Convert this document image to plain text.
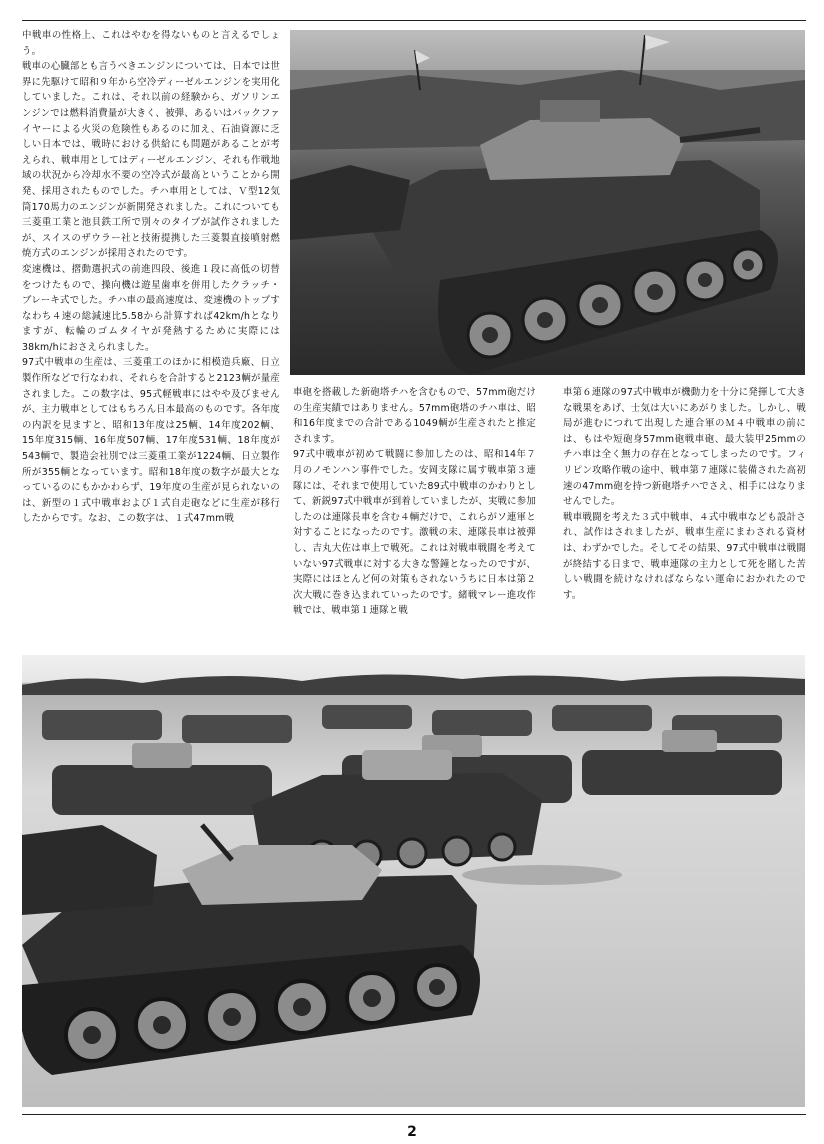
中戦車の性格上、これはやむを得ないものと言えるでしょう。

戦車の心臓部とも言うべきエンジンについては、日本では世界に先駆けて昭和９年から空冷ディーゼルエンジンを実用化していました。これは、それ以前の経験から、ガソリンエンジンでは燃料消費量が大きく、被弾、あるいはバックファイヤーによる火災の危険性もあるのに加え、石油資源に乏しい日本では、戦時における供給にも問題があることが考えられ、戦車用としてはディーゼルエンジン、それも作戦地域の状況から冷却水不要の空冷式が最高ということから開発、採用されたものでした。チハ車用としては、Ｖ型12気筒170馬力のエンジンが新開発されました。これについても三菱重工業と池貝鉄工所で別々のタイプが試作されましたが、スイスのザウラー社と技術提携した三菱製直接噴射燃焼方式のエンジンが採用されたのです。

変速機は、摺動選択式の前進四段、後進１段に高低の切替をつけたもので、操向機は遊星歯車を併用したクラッチ・ブレーキ式でした。チハ車の最高速度は、変速機のトップすなわち４速の総減速比5.58から計算すれば42km/hとなりますが、転輪のゴムタイヤが発熱するために実際には38km/hにおさえられました。

97式中戦車の生産は、三菱重工のほかに相模造兵廠、日立製作所などで行なわれ、それらを合計すると2123輌が量産されました。この数字は、95式軽戦車にはやや及びませんが、主力戦車としてはもちろん日本最高のものです。各年度の内訳を見ますと、昭和13年度は25輌、14年度202輌、15年度315輌、16年度507輌、17年度531輌、18年度が543輌で、製造会社別では三菱重工業が1224輌、日立製作所が355輌となっています。昭和18年度の数字が最大となっているのにもかかわらず、19年度の生産が見られないのは、新型の１式中戦車および１式自走砲などに生産が移行したからです。なお、この数字は、１式47mm戦

車砲を搭載した新砲塔チハを含むもので、57mm砲だけの生産実績ではありません。57mm砲塔のチハ車は、昭和16年度までの合計である1049輌が生産されたと推定されます。

97式中戦車が初めて戦闘に参加したのは、昭和14年７月のノモンハン事件でした。安岡支隊に属す戦車第３連隊には、それまで使用していた89式中戦車のかわりとして、新鋭97式中戦車が到着していましたが、実戦に参加したのは連隊長車を含む４輌だけで、これらがソ連軍と対することになったのです。激戦の末、連隊長車は被弾し、吉丸大佐は車上で戦死。これは対戦車戦闘を考えていない97式戦車に対する大きな警鐘となったのですが、実際にはほとんど何の対策もされないうちに日本は第２次大戦に巻き込まれていったのです。緒戦マレー進攻作戦では、戦車第１連隊と戦

車第６連隊の97式中戦車が機動力を十分に発揮して大きな戦果をあげ、士気は大いにあがりました。しかし、戦局が進むにつれて出現した連合軍のＭ４中戦車の前には、もはや短砲身57mm砲戦車砲、最大装甲25mmのチハ車は全く無力の存在となってしまったのです。フィリピン攻略作戦の途中、戦車第７連隊に装備された高初速の47mm砲を持つ新砲塔チハでさえ、相手にはなりませんでした。

戦車戦闘を考えた３式中戦車、４式中戦車なども設計され、試作はされましたが、戦車生産にまわされる資材は、わずかでした。そしてその結果、97式中戦車は戦闘が終結する日まで、戦車連隊の主力として死を賭した苦しい戦闘を続けなければならない運命におかれたのです。

2
